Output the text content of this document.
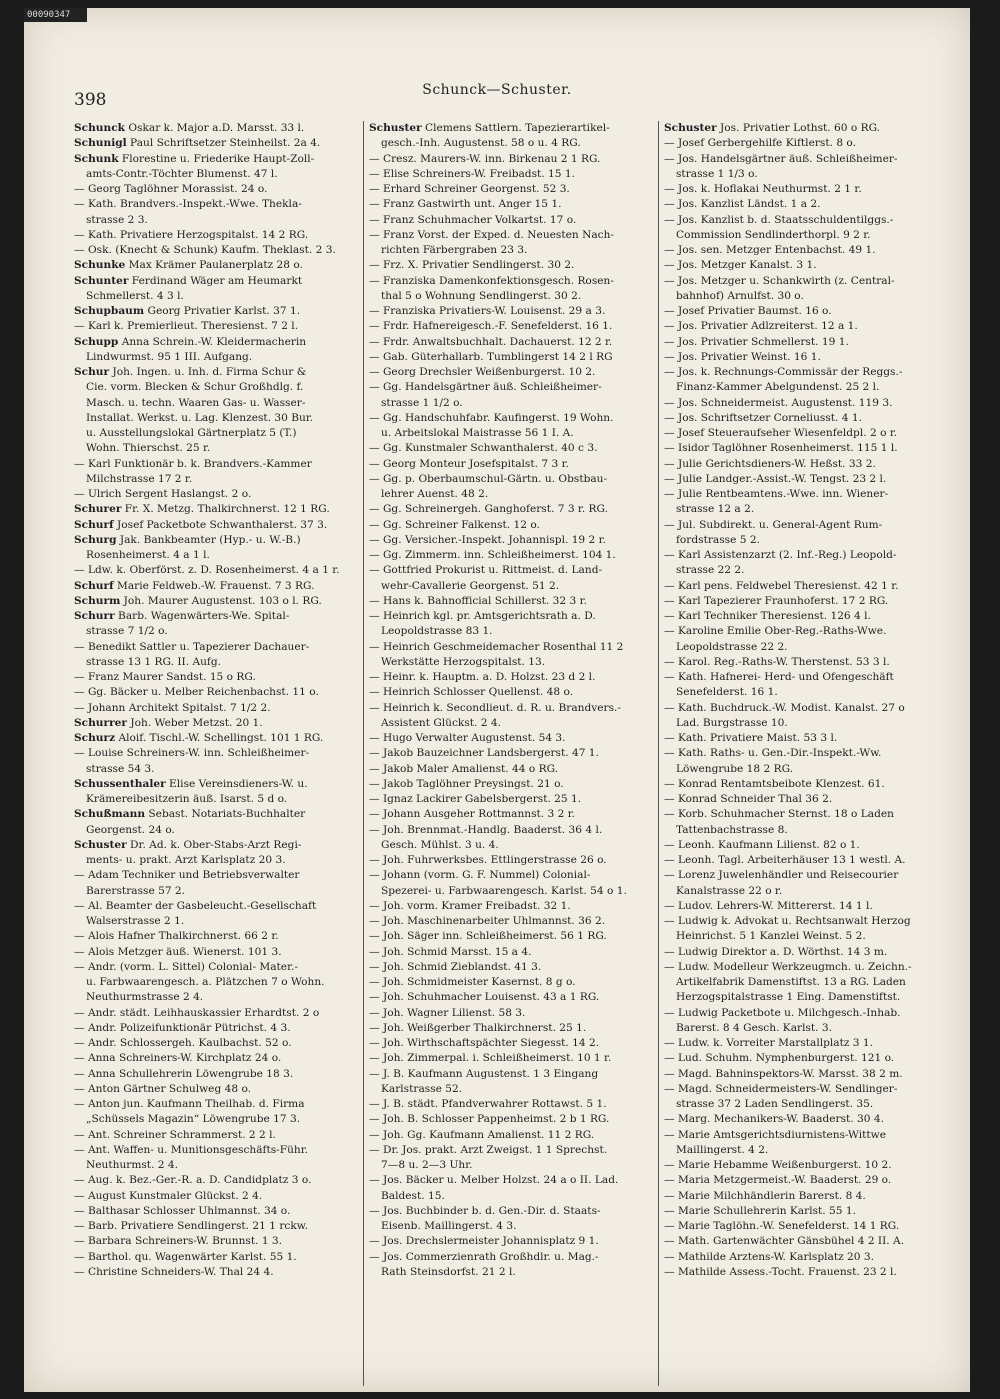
00090347
398	Schunck—Schuster.
Schunck Oskar k. Major a.D. Marsst. 33 l.
Schunigl Paul Schriftsetzer Steinheilst. 2a 4.
Schunk Florestine u. Friederike Haupt-Zoll-
amts-Contr.-Töchter Blumenst. 47 l.
— Georg Taglöhner Morassist. 24 o.
— Kath. Brandvers.-Inspekt.-Wwe. Thekla-
strasse 2 3.
— Kath. Privatiere Herzogspitalst. 14 2 RG.
— Osk. (Knecht & Schunk) Kaufm. Theklast. 2 3.
Schunke Max Krämer Paulanerplatz 28 o.
Schunter Ferdinand Wäger am Heumarkt
Schmellerst. 4 3 l.
Schupbaum Georg Privatier Karlst. 37 1.
— Karl k. Premierlieut. Theresienst. 7 2 l.
Schupp Anna Schrein.-W. Kleidermacherin
Lindwurmst. 95 1 III. Aufgang.
Schur Joh. Ingen. u. Inh. d. Firma Schur &
Cie. vorm. Blecken & Schur Großhdlg. f.
Masch. u. techn. Waaren Gas- u. Wasser-
Installat. Werkst. u. Lag. Klenzest. 30 Bur.
u. Ausstellungslokal Gärtnerplatz 5 (T.)
Wohn. Thierschst. 25 r.
— Karl Funktionär b. k. Brandvers.-Kammer
Milchstrasse 17 2 r.
— Ulrich Sergent Haslangst. 2 o.
Schurer Fr. X. Metzg. Thalkirchnerst. 12 1 RG.
Schurf Josef Packetbote Schwanthalerst. 37 3.
Schurg Jak. Bankbeamter (Hyp.- u. W.-B.)
Rosenheimerst. 4 a 1 l.
— Ldw. k. Oberförst. z. D. Rosenheimerst. 4 a 1 r.
Schurf Marie Feldweb.-W. Frauenst. 7 3 RG.
Schurm Joh. Maurer Augustenst. 103 o l. RG.
Schurr Barb. Wagenwärters-We. Spital-
strasse 7 1/2 o.
— Benedikt Sattler u. Tapezierer Dachauer-
strasse 13 1 RG. II. Aufg.
— Franz Maurer Sandst. 15 o RG.
— Gg. Bäcker u. Melber Reichenbachst. 11 o.
— Johann Architekt Spitalst. 7 1/2 2.
Schurrer Joh. Weber Metzst. 20 1.
Schurz Aloif. Tischl.-W. Schellingst. 101 1 RG.
— Louise Schreiners-W. inn. Schleißheimer-
strasse 54 3.
Schussenthaler Elise Vereinsdieners-W. u.
Krämereibesitzerin äuß. Isarst. 5 d o.
Schußmann Sebast. Notariats-Buchhalter
Georgenst. 24 o.
Schuster Dr. Ad. k. Ober-Stabs-Arzt Regi-
ments- u. prakt. Arzt Karlsplatz 20 3.
— Adam Techniker und Betriebsverwalter
Barerstrasse 57 2.
— Al. Beamter der Gasbeleucht.-Gesellschaft
Walserstrasse 2 1.
— Alois Hafner Thalkirchnerst. 66 2 r.
— Alois Metzger äuß. Wienerst. 101 3.
— Andr. (vorm. L. Sittel) Colonial- Mater.-
u. Farbwaarengesch. a. Plätzchen 7 o Wohn.
Neuthurmstrasse 2 4.
— Andr. städt. Leihhauskassier Erhardtst. 2 o
— Andr. Polizeifunktionär Pütrichst. 4 3.
— Andr. Schlossergeh. Kaulbachst. 52 o.
— Anna Schreiners-W. Kirchplatz 24 o.
— Anna Schullehrerin Löwengrube 18 3.
— Anton Gärtner Schulweg 48 o.
— Anton jun. Kaufmann Theilhab. d. Firma
„Schüssels Magazin“ Löwengrube 17 3.
— Ant. Schreiner Schrammerst. 2 2 l.
— Ant. Waffen- u. Munitionsgeschäfts-Führ.
Neuthurmst. 2 4.
— Aug. k. Bez.-Ger.-R. a. D. Candidplatz 3 o.
— August Kunstmaler Glückst. 2 4.
— Balthasar Schlosser Uhlmannst. 34 o.
— Barb. Privatiere Sendlingerst. 21 1 rckw.
— Barbara Schreiners-W. Brunnst. 1 3.
— Barthol. qu. Wagenwärter Karlst. 55 1.
— Christine Schneiders-W. Thal 24 4.
Schuster Clemens Sattlern. Tapezierartikel-
gesch.-Inh. Augustenst. 58 o u. 4 RG.
— Cresz. Maurers-W. inn. Birkenau 2 1 RG.
— Elise Schreiners-W. Freibadst. 15 1.
— Erhard Schreiner Georgenst. 52 3.
— Franz Gastwirth unt. Anger 15 1.
— Franz Schuhmacher Volkartst. 17 o.
— Franz Vorst. der Exped. d. Neuesten Nach-
richten Färbergraben 23 3.
— Frz. X. Privatier Sendlingerst. 30 2.
— Franziska Damenkonfektionsgesch. Rosen-
thal 5 o Wohnung Sendlingerst. 30 2.
— Franziska Privatiers-W. Louisenst. 29 a 3.
— Frdr. Hafnereigesch.-F. Senefelderst. 16 1.
— Frdr. Anwaltsbuchhalt. Dachauerst. 12 2 r.
— Gab. Güterhallarb. Tumblingerst 14 2 l RG
— Georg Drechsler Weißenburgerst. 10 2.
— Gg. Handelsgärtner äuß. Schleißheimer-
strasse 1 1/2 o.
— Gg. Handschuhfabr. Kaufingerst. 19 Wohn.
u. Arbeitslokal Maistrasse 56 1 I. A.
— Gg. Kunstmaler Schwanthalerst. 40 c 3.
— Georg Monteur Josefspitalst. 7 3 r.
— Gg. p. Oberbaumschul-Gärtn. u. Obstbau-
lehrer Auenst. 48 2.
— Gg. Schreinergeh. Ganghoferst. 7 3 r. RG.
— Gg. Schreiner Falkenst. 12 o.
— Gg. Versicher.-Inspekt. Johannispl. 19 2 r.
— Gg. Zimmerm. inn. Schleißheimerst. 104 1.
— Gottfried Prokurist u. Rittmeist. d. Land-
wehr-Cavallerie Georgenst. 51 2.
— Hans k. Bahnofficial Schillerst. 32 3 r.
— Heinrich kgl. pr. Amtsgerichtsrath a. D.
Leopoldstrasse 83 1.
— Heinrich Geschmeidemacher Rosenthal 11 2
Werkstätte Herzogspitalst. 13.
— Heinr. k. Hauptm. a. D. Holzst. 23 d 2 l.
— Heinrich Schlosser Quellenst. 48 o.
— Heinrich k. Secondlieut. d. R. u. Brandvers.-
Assistent Glückst. 2 4.
— Hugo Verwalter Augustenst. 54 3.
— Jakob Bauzeichner Landsbergerst. 47 1.
— Jakob Maler Amalienst. 44 o RG.
— Jakob Taglöhner Preysingst. 21 o.
— Ignaz Lackirer Gabelsbergerst. 25 1.
— Johann Ausgeher Rottmannst. 3 2 r.
— Joh. Brennmat.-Handlg. Baaderst. 36 4 l.
Gesch. Mühlst. 3 u. 4.
— Joh. Fuhrwerksbes. Ettlingerstrasse 26 o.
— Johann (vorm. G. F. Nummel) Colonial-
Spezerei- u. Farbwaarengesch. Karlst. 54 o 1.
— Joh. vorm. Kramer Freibadst. 32 1.
— Joh. Maschinenarbeiter Uhlmannst. 36 2.
— Joh. Säger inn. Schleißheimerst. 56 1 RG.
— Joh. Schmid Marsst. 15 a 4.
— Joh. Schmid Zieblandst. 41 3.
— Joh. Schmidmeister Kasernst. 8 g o.
— Joh. Schuhmacher Louisenst. 43 a 1 RG.
— Joh. Wagner Lilienst. 58 3.
— Joh. Weißgerber Thalkirchnerst. 25 1.
— Joh. Wirthschaftspächter Siegesst. 14 2.
— Joh. Zimmerpal. i. Schleißheimerst. 10 1 r.
— J. B. Kaufmann Augustenst. 1 3 Eingang
Karlstrasse 52.
— J. B. städt. Pfandverwahrer Rottawst. 5 1.
— Joh. B. Schlosser Pappenheimst. 2 b 1 RG.
— Joh. Gg. Kaufmann Amalienst. 11 2 RG.
— Dr. Jos. prakt. Arzt Zweigst. 1 1 Sprechst.
7—8 u. 2—3 Uhr.
— Jos. Bäcker u. Melber Holzst. 24 a o II. Lad.
Baldest. 15.
— Jos. Buchbinder b. d. Gen.-Dir. d. Staats-
Eisenb. Maillingerst. 4 3.
— Jos. Drechslermeister Johannisplatz 9 1.
— Jos. Commerzienrath Großhdlr. u. Mag.-
Rath Steinsdorfst. 21 2 l.
Schuster Jos. Privatier Lothst. 60 o RG.
— Josef Gerbergehilfe Kiftlerst. 8 o.
— Jos. Handelsgärtner äuß. Schleißheimer-
strasse 1 1/3 o.
— Jos. k. Hoflakai Neuthurmst. 2 1 r.
— Jos. Kanzlist Ländst. 1 a 2.
— Jos. Kanzlist b. d. Staatsschuldentilggs.-
Commission Sendlinderthorpl. 9 2 r.
— Jos. sen. Metzger Entenbachst. 49 1.
— Jos. Metzger Kanalst. 3 1.
— Jos. Metzger u. Schankwirth (z. Central-
bahnhof) Arnulfst. 30 o.
— Josef Privatier Baumst. 16 o.
— Jos. Privatier Adlzreiterst. 12 a 1.
— Jos. Privatier Schmellerst. 19 1.
— Jos. Privatier Weinst. 16 1.
— Jos. k. Rechnungs-Commissär der Reggs.-
Finanz-Kammer Abelgundenst. 25 2 l.
— Jos. Schneidermeist. Augustenst. 119 3.
— Jos. Schriftsetzer Corneliusst. 4 1.
— Josef Steueraufseher Wiesenfeldpl. 2 o r.
— Isidor Taglöhner Rosenheimerst. 115 1 l.
— Julie Gerichtsdieners-W. Heßst. 33 2.
— Julie Landger.-Assist.-W. Tengst. 23 2 l.
— Julie Rentbeamtens.-Wwe. inn. Wiener-
strasse 12 a 2.
— Jul. Subdirekt. u. General-Agent Rum-
fordstrasse 5 2.
— Karl Assistenzarzt (2. Inf.-Reg.) Leopold-
strasse 22 2.
— Karl pens. Feldwebel Theresienst. 42 1 r.
— Karl Tapezierer Fraunhoferst. 17 2 RG.
— Karl Techniker Theresienst. 126 4 l.
— Karoline Emilie Ober-Reg.-Raths-Wwe.
Leopoldstrasse 22 2.
— Karol. Reg.-Raths-W. Therstenst. 53 3 l.
— Kath. Hafnerei- Herd- und Ofengeschäft
Senefelderst. 16 1.
— Kath. Buchdruck.-W. Modist. Kanalst. 27 o
Lad. Burgstrasse 10.
— Kath. Privatiere Maist. 53 3 l.
— Kath. Raths- u. Gen.-Dir.-Inspekt.-Ww.
Löwengrube 18 2 RG.
— Konrad Rentamtsbeibote Klenzest. 61.
— Konrad Schneider Thal 36 2.
— Korb. Schuhmacher Sternst. 18 o Laden
Tattenbachstrasse 8.
— Leonh. Kaufmann Lilienst. 82 o 1.
— Leonh. Tagl. Arbeiterhäuser 13 1 westl. A.
— Lorenz Juwelenhändler und Reisecourier
Kanalstrasse 22 o r.
— Ludov. Lehrers-W. Mittererst. 14 1 l.
— Ludwig k. Advokat u. Rechtsanwalt Herzog
Heinrichst. 5 1 Kanzlei Weinst. 5 2.
— Ludwig Direktor a. D. Wörthst. 14 3 m.
— Ludw. Modelleur Werkzeugmch. u. Zeichn.-
Artikelfabrik Damenstiftst. 13 a RG. Laden
Herzogspitalstrasse 1 Eing. Damenstiftst.
— Ludwig Packetbote u. Milchgesch.-Inhab.
Barerst. 8 4 Gesch. Karlst. 3.
— Ludw. k. Vorreiter Marstallplatz 3 1.
— Lud. Schuhm. Nymphenburgerst. 121 o.
— Magd. Bahninspektors-W. Marsst. 38 2 m.
— Magd. Schneidermeisters-W. Sendlinger-
strasse 37 2 Laden Sendlingerst. 35.
— Marg. Mechanikers-W. Baaderst. 30 4.
— Marie Amtsgerichtsdiurnistens-Wittwe
Maillingerst. 4 2.
— Marie Hebamme Weißenburgerst. 10 2.
— Maria Metzgermeist.-W. Baaderst. 29 o.
— Marie Milchhändlerin Barerst. 8 4.
— Marie Schullehrerin Karlst. 55 1.
— Marie Taglöhn.-W. Senefelderst. 14 1 RG.
— Math. Gartenwächter Gänsbühel 4 2 II. A.
— Mathilde Arztens-W. Karlsplatz 20 3.
— Mathilde Assess.-Tocht. Frauenst. 23 2 l.
